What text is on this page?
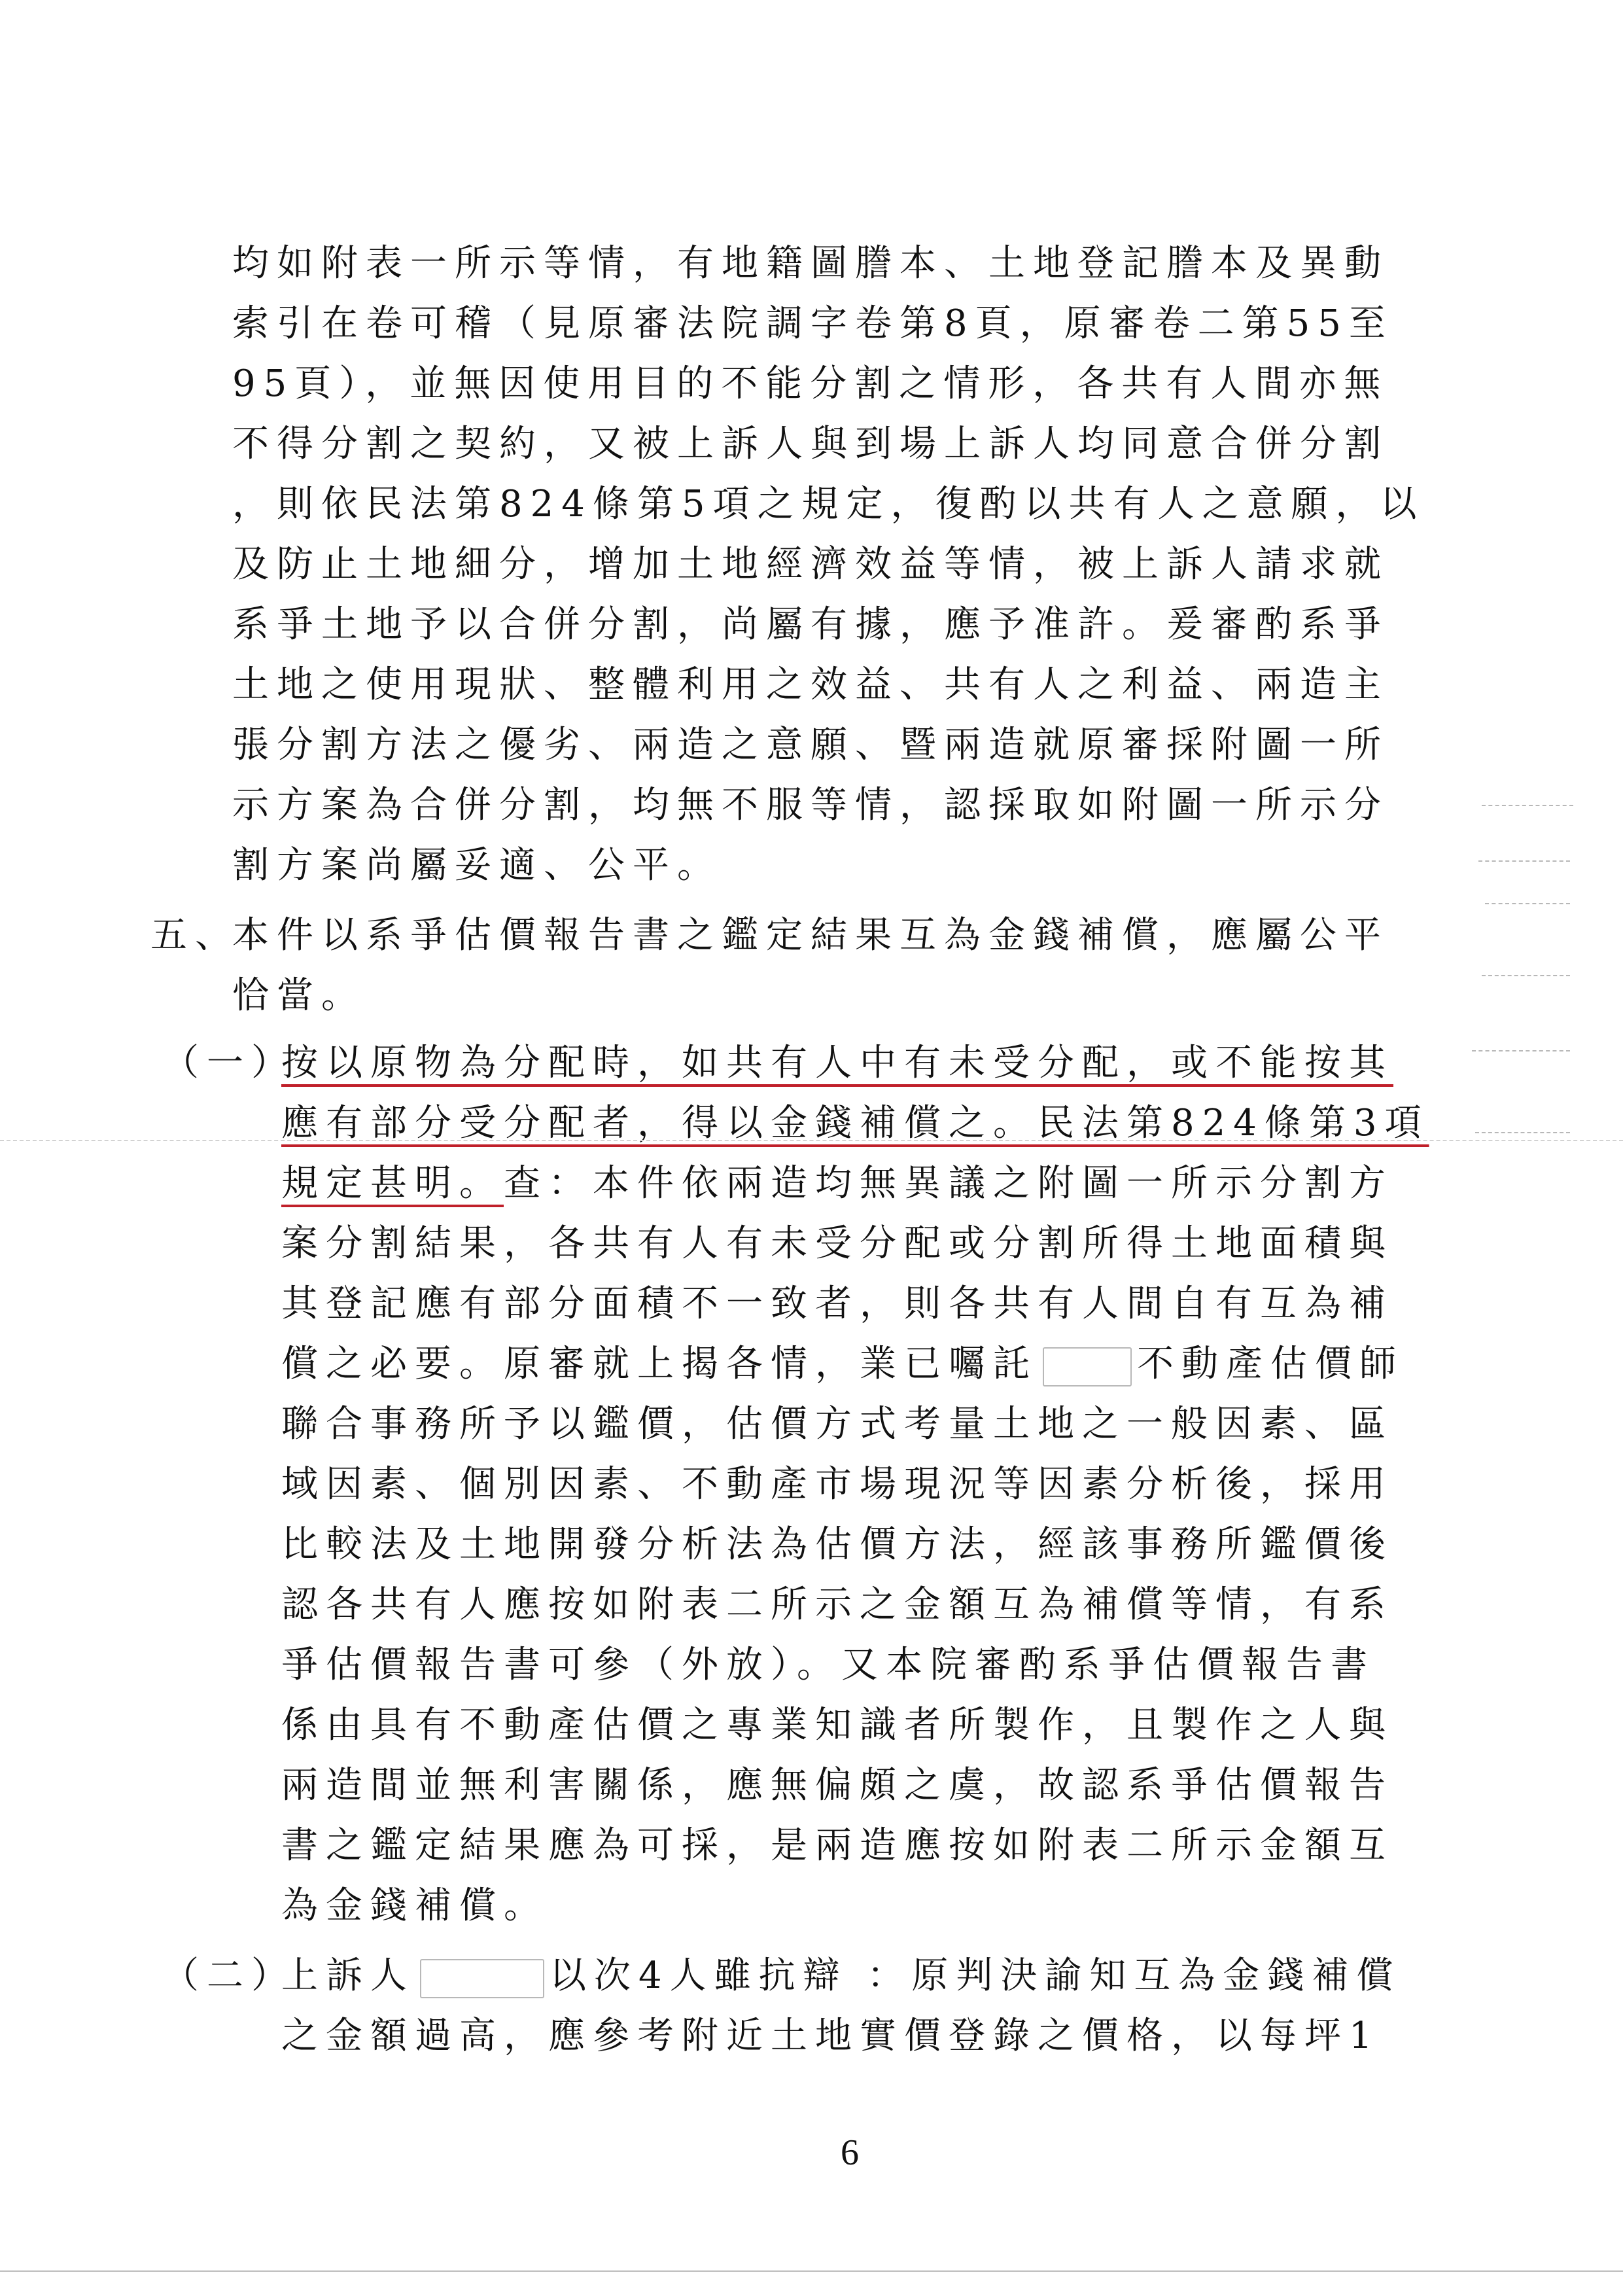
均如附表一所示等情，有地籍圖謄本、土地登記謄本及異動
索引在卷可稽（見原審法院調字卷第8頁，原審卷二第55至
95頁），並無因使用目的不能分割之情形，各共有人間亦無
不得分割之契約，又被上訴人與到場上訴人均同意合併分割
，則依民法第824條第5項之規定，復酌以共有人之意願，以
及防止土地細分，增加土地經濟效益等情，被上訴人請求就
系爭土地予以合併分割，尚屬有據，應予准許。爰審酌系爭
土地之使用現狀、整體利用之效益、共有人之利益、兩造主
張分割方法之優劣、兩造之意願、暨兩造就原審採附圖一所
示方案為合併分割，均無不服等情，認採取如附圖一所示分
割方案尚屬妥適、公平。
五、
本件以系爭估價報告書之鑑定結果互為金錢補償，應屬公平
恰當。
（一）
按以原物為分配時，如共有人中有未受分配，或不能按其
應有部分受分配者，得以金錢補償之。民法第824條第3項
規定甚明。查：本件依兩造均無異議之附圖一所示分割方
案分割結果，各共有人有未受分配或分割所得土地面積與
其登記應有部分面積不一致者，則各共有人間自有互為補
償之必要。原審就上揭各情，業已囑託	不動產估價師
聯合事務所予以鑑價，估價方式考量土地之一般因素、區
域因素、個別因素、不動產市場現況等因素分析後，採用
比較法及土地開發分析法為估價方法，經該事務所鑑價後
認各共有人應按如附表二所示之金額互為補償等情，有系
爭估價報告書可參（外放）。又本院審酌系爭估價報告書
係由具有不動產估價之專業知識者所製作，且製作之人與
兩造間並無利害關係，應無偏頗之虞，故認系爭估價報告
書之鑑定結果應為可採，是兩造應按如附表二所示金額互
為金錢補償。
（二）
上訴人	以次4人雖抗辯 ：原判決諭知互為金錢補償
之金額過高，應參考附近土地實價登錄之價格，以每坪1
6
